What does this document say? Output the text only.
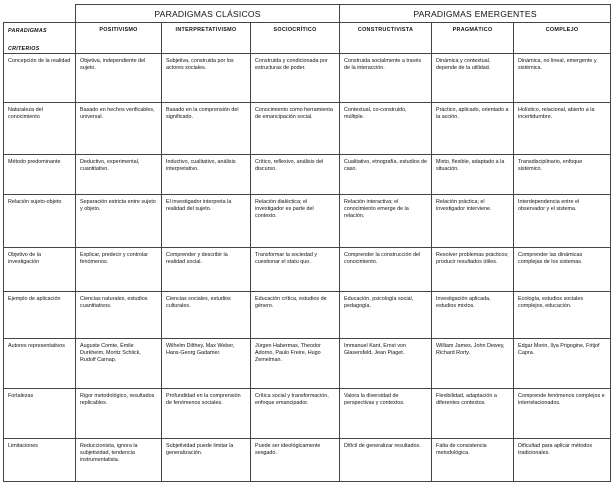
	PARADIGMAS CLÁSICOS			PARADIGMAS EMERGENTES		

PARADIGMAS
CRITERIOS	POSITIVISMO	INTERPRETATIVISMO	SOCIOCRÍTICO	CONSTRUCTIVISTA	PRAGMÁTICO	COMPLEJO
Concepción de la realidad	Objetiva, independiente del sujeto.	Subjetiva, construida por los actores sociales.	Construida y condicionada por estructuras de poder.	Construida socialmente a través de la interacción.	Dinámica y contextual, depende de la utilidad.	Dinámica, no lineal, emergente y sistémica.
Naturaleza del conocimiento	Basado en hechos verificables, universal.	Basado en la comprensión del significado.	Conocimiento como herramienta de emancipación social.	Contextual, co-construido, múltiple.	Práctico, aplicado, orientado a la acción.	Holístico, relacional, abierto a la incertidumbre.
Método predominante	Deductivo, experimental, cuantitativo.	Inductivo, cualitativo, análisis interpretativo.	Crítico, reflexivo, análisis del discurso.	Cualitativo, etnografía, estudios de caso.	Mixto, flexible, adaptado a la situación.	Transdisciplinario, enfoque sistémico.
Relación sujeto-objeto	Separación estricta entre sujeto y objeto.	El investigador interpreta la realidad del sujeto.	Relación dialéctica; el investigador es parte del contexto.	Relación interactiva; el conocimiento emerge de la relación.	Relación práctica; el investigador interviene.	Interdependencia entre el observador y el sistema.
Objetivo de la investigación	Explicar, predecir y controlar fenómenos.	Comprender y describir la realidad social.	Transformar la sociedad y cuestionar el statu quo.	Comprender la construcción del conocimiento.	Resolver problemas prácticos; producir resultados útiles.	Comprender las dinámicas complejas de los sistemas.
Ejemplo de aplicación	Ciencias naturales, estudios cuantitativos.	Ciencias sociales, estudios culturales.	Educación crítica, estudios de género.	Educación, psicología social, pedagogía.	Investigación aplicada, estudios mixtos.	Ecología, estudios sociales complejos, educación.
Autores representativos	Auguste Comte, Émile Durkheim, Moritz Schlick, Rudolf Carnap.	Wilhelm Dilthey, Max Weber, Hans-Georg Gadamer.	Jürgen Habermas, Theodor Adorno, Paulo Freire, Hugo Zemelman.	Immanuel Kant, Ernst von Glasersfeld, Jean Piaget.	William James, John Dewey, Richard Rorty.	Edgar Morin, Ilya Prigogine, Fritjof Capra.
Fortalezas	Rigor metodológico, resultados replicables.	Profundidad en la comprensión de fenómenos sociales.	Crítica social y transformación, enfoque emancipador.	Valora la diversidad de perspectivas y contextos.	Flexibilidad, adaptación a diferentes contextos.	Comprende fenómenos complejos e interrelacionados.
Limitaciones	Reduccionista, ignora la subjetividad, tendencia instrumentalista.	Subjetividad puede limitar la generalización.	Puede ser ideológicamente sesgado.	Difícil de generalizar resultados.	Falta de consistencia metodológica.	Dificultad para aplicar métodos tradicionales.
